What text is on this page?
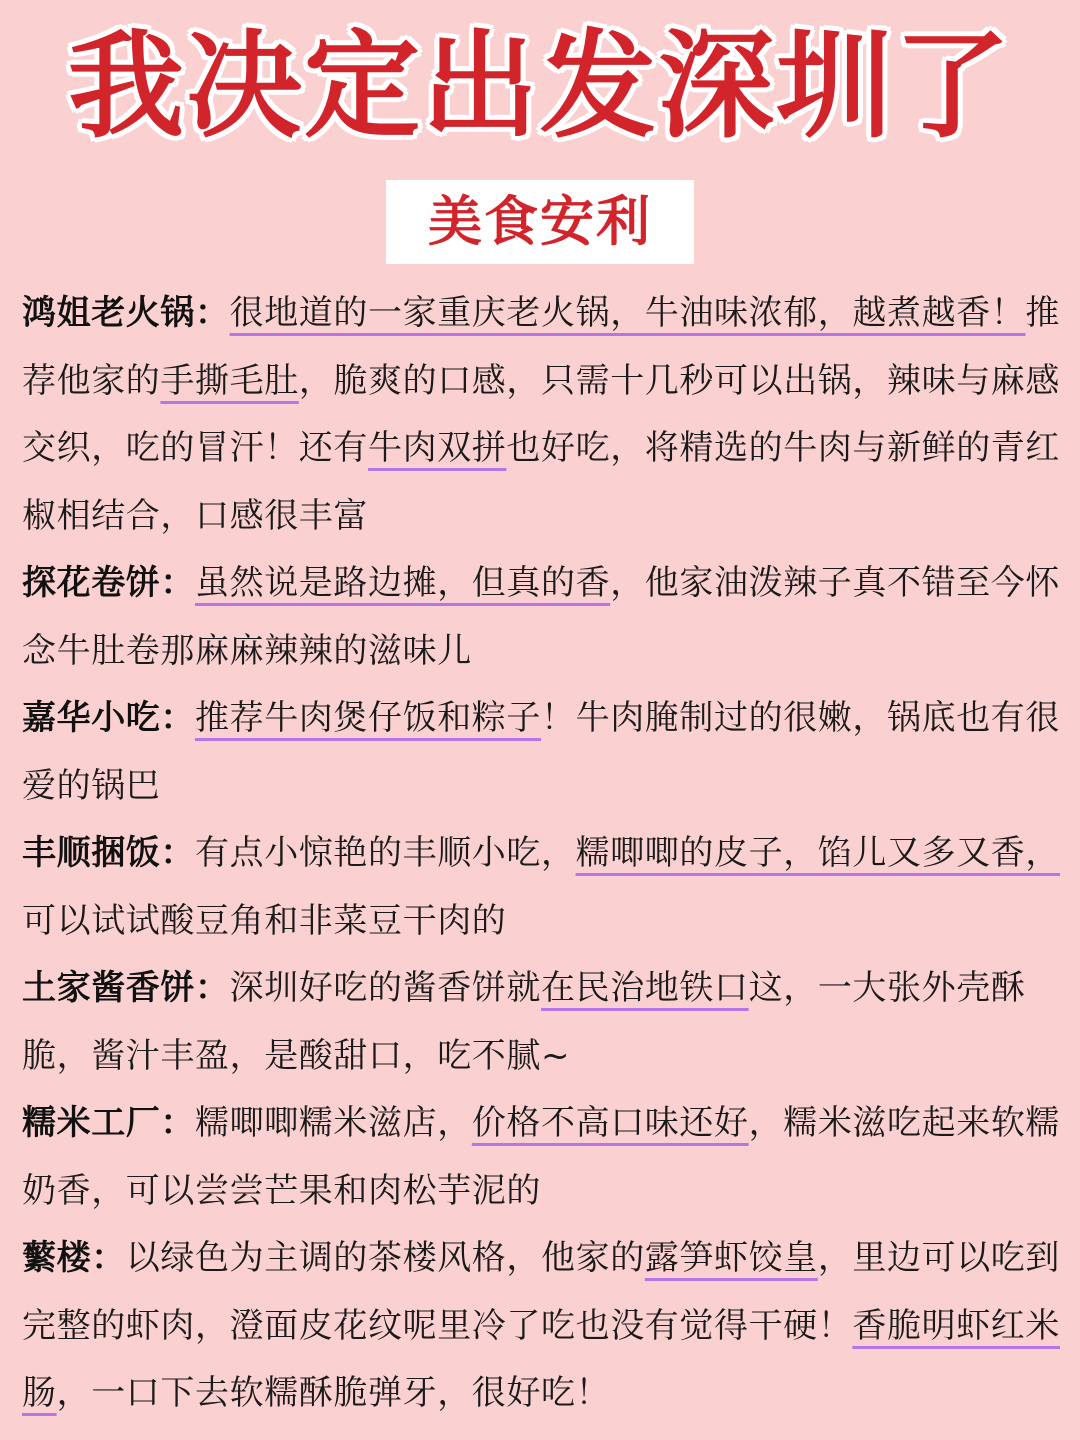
我决定出发深圳了
美食安利
鸿姐老火锅：很地道的一家重庆老火锅，牛油味浓郁，越煮越香！推荐他家的手撕毛肚，脆爽的口感，只需十几秒可以出锅，辣味与麻感交织，吃的冒汗！还有牛肉双拼也好吃，将精选的牛肉与新鲜的青红椒相结合，口感很丰富
探花卷饼：虽然说是路边摊，但真的香，他家油泼辣子真不错至今怀念牛肚卷那麻麻辣辣的滋味儿
嘉华小吃：推荐牛肉煲仔饭和粽子！牛肉腌制过的很嫩，锅底也有很爱的锅巴
丰顺捆饭：有点小惊艳的丰顺小吃，糯唧唧的皮子，馅儿又多又香，可以试试酸豆角和非菜豆干肉的
土家酱香饼：深圳好吃的酱香饼就在民治地铁口这，一大张外壳酥脆，酱汁丰盈，是酸甜口，吃不腻~
糯米工厂：糯唧唧糯米滋店，价格不高口味还好，糯米滋吃起来软糯奶香，可以尝尝芒果和肉松芋泥的
蘩楼：以绿色为主调的茶楼风格，他家的露笋虾饺皇，里边可以吃到完整的虾肉，澄面皮花纹呢里冷了吃也没有觉得干硬！香脆明虾红米肠，一口下去软糯酥脆弹牙，很好吃！
